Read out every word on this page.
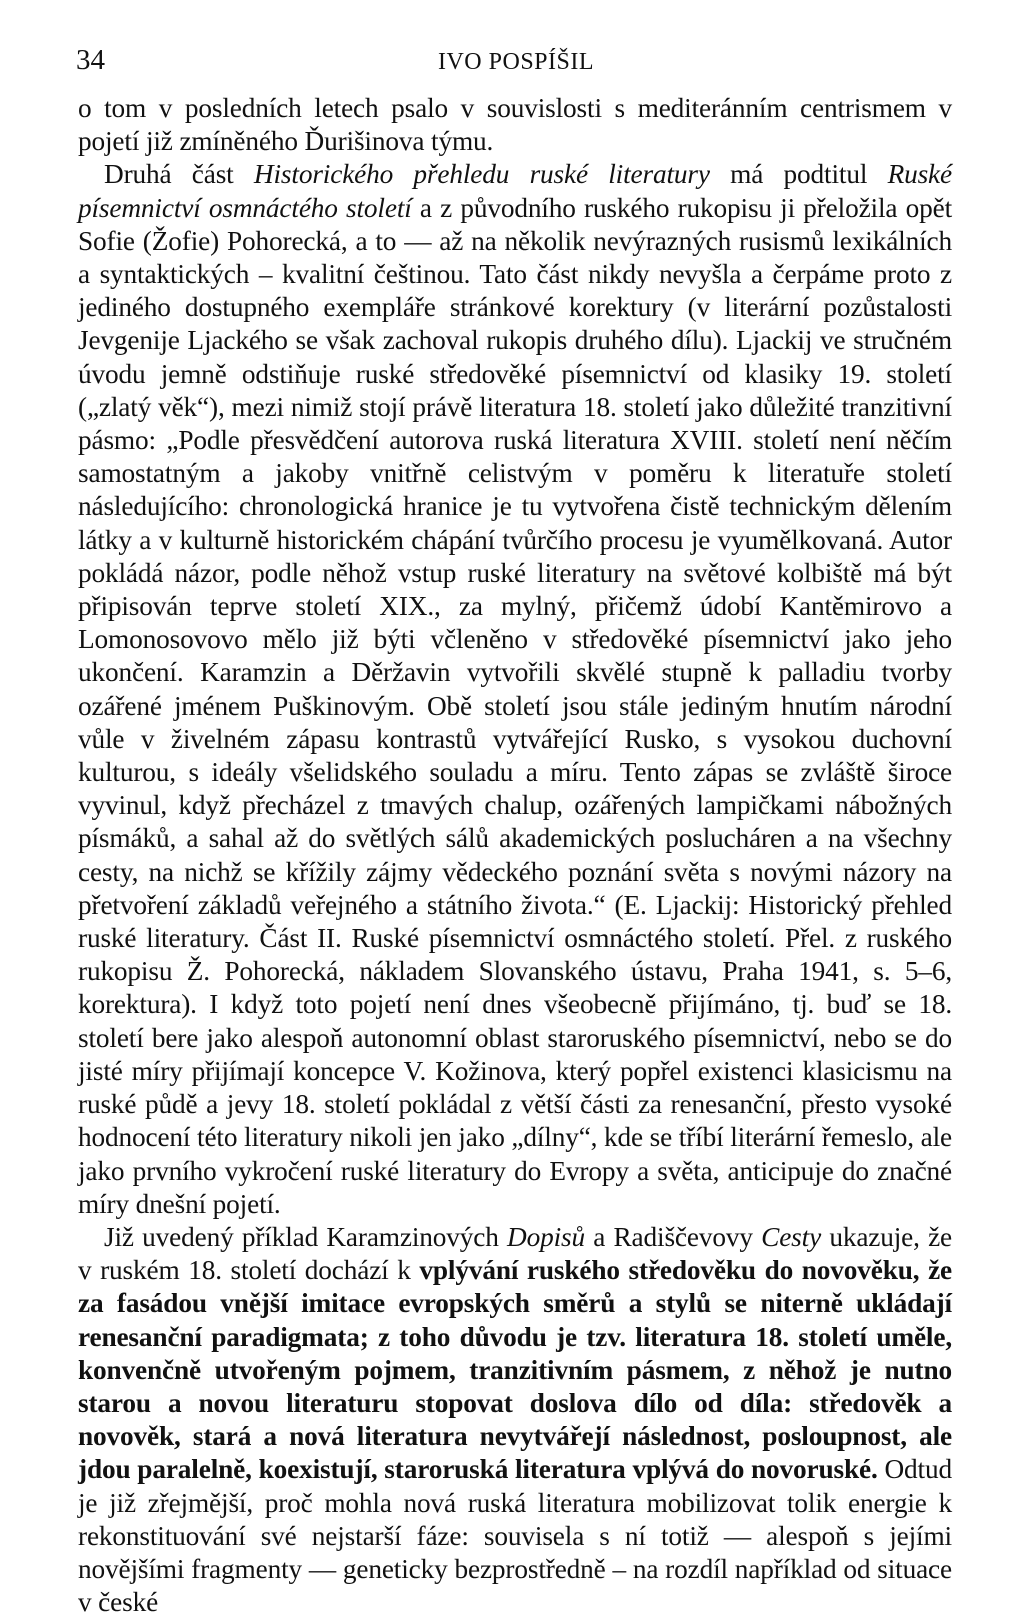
34	IVO POSPÍŠIL

o tom v posledních letech psalo v souvislosti s mediteránním centrismem v pojetí již zmíněného Ďurišinova týmu.

Druhá část Historického přehledu ruské literatury má podtitul Ruské písemnictví osmnáctého století a z původního ruského rukopisu ji přeložila opět Sofie (Žofie) Pohorecká, a to — až na několik nevýrazných rusismů lexikálních a syntaktických – kvalitní češtinou. Tato část nikdy nevyšla a čerpáme proto z jediného dostupného exempláře stránkové korektury (v literární pozůstalosti Jevgenije Ljackého se však zachoval rukopis druhého dílu). Ljackij ve stručném úvodu jemně odstiňuje ruské středověké písemnictví od klasiky 19. století („zlatý věk“), mezi nimiž stojí právě literatura 18. století jako důležité tranzitivní pásmo: „Podle přesvědčení autorova ruská literatura XVIII. století není něčím samostatným a jakoby vnitřně celistvým v poměru k literatuře století následujícího: chronologická hranice je tu vytvořena čistě technickým dělením látky a v kulturně historickém chápání tvůrčího procesu je vyumělkovaná. Autor pokládá názor, podle něhož vstup ruské literatury na světové kolbiště má být připisován teprve století XIX., za mylný, přičemž údobí Kantěmirovo a Lomonosovovo mělo již býti včleněno v středověké písemnictví jako jeho ukončení. Karamzin a Děržavin vytvořili skvělé stupně k palladiu tvorby ozářené jménem Puškinovým. Obě století jsou stále jediným hnutím národní vůle v živelném zápasu kontrastů vytvářející Rusko, s vysokou duchovní kulturou, s ideály všelidského souladu a míru. Tento zápas se zvláště široce vyvinul, když přecházel z tmavých chalup, ozářených lampičkami nábožných písmáků, a sahal až do světlých sálů akademických poslucháren a na všechny cesty, na nichž se křížily zájmy vědeckého poznání světa s novými názory na přetvoření základů veřejného a státního života.“ (E. Ljackij: Historický přehled ruské literatury. Část II. Ruské písemnictví osmnáctého století. Přel. z ruského rukopisu Ž. Pohorecká, nákladem Slovanského ústavu, Praha 1941, s. 5–6, korektura). I když toto pojetí není dnes všeobecně přijímáno, tj. buď se 18. století bere jako alespoň autonomní oblast staroruského písemnictví, nebo se do jisté míry přijímají koncepce V. Kožinova, který popřel existenci klasicismu na ruské půdě a jevy 18. století pokládal z větší části za renesanční, přesto vysoké hodnocení této literatury nikoli jen jako „dílny“, kde se tříbí literární řemeslo, ale jako prvního vykročení ruské literatury do Evropy a světa, anticipuje do značné míry dnešní pojetí.

Již uvedený příklad Karamzinových Dopisů a Radiščevovy Cesty ukazuje, že v ruském 18. století dochází k vplývání ruského středověku do novověku, že za fasádou vnější imitace evropských směrů a stylů se niterně ukládají renesanční paradigmata; z toho důvodu je tzv. literatura 18. století uměle, konvenčně utvořeným pojmem, tranzitivním pásmem, z něhož je nutno starou a novou literaturu stopovat doslova dílo od díla: středověk a novověk, stará a nová literatura nevytvářejí následnost, posloupnost, ale jdou paralelně, koexistují, staroruská literatura vplývá do novoruské. Odtud je již zřejmější, proč mohla nová ruská literatura mobilizovat tolik energie k rekonstituování své nejstarší fáze: souvisela s ní totiž — alespoň s jejími novějšími fragmenty — geneticky bezprostředně – na rozdíl například od situace v české
